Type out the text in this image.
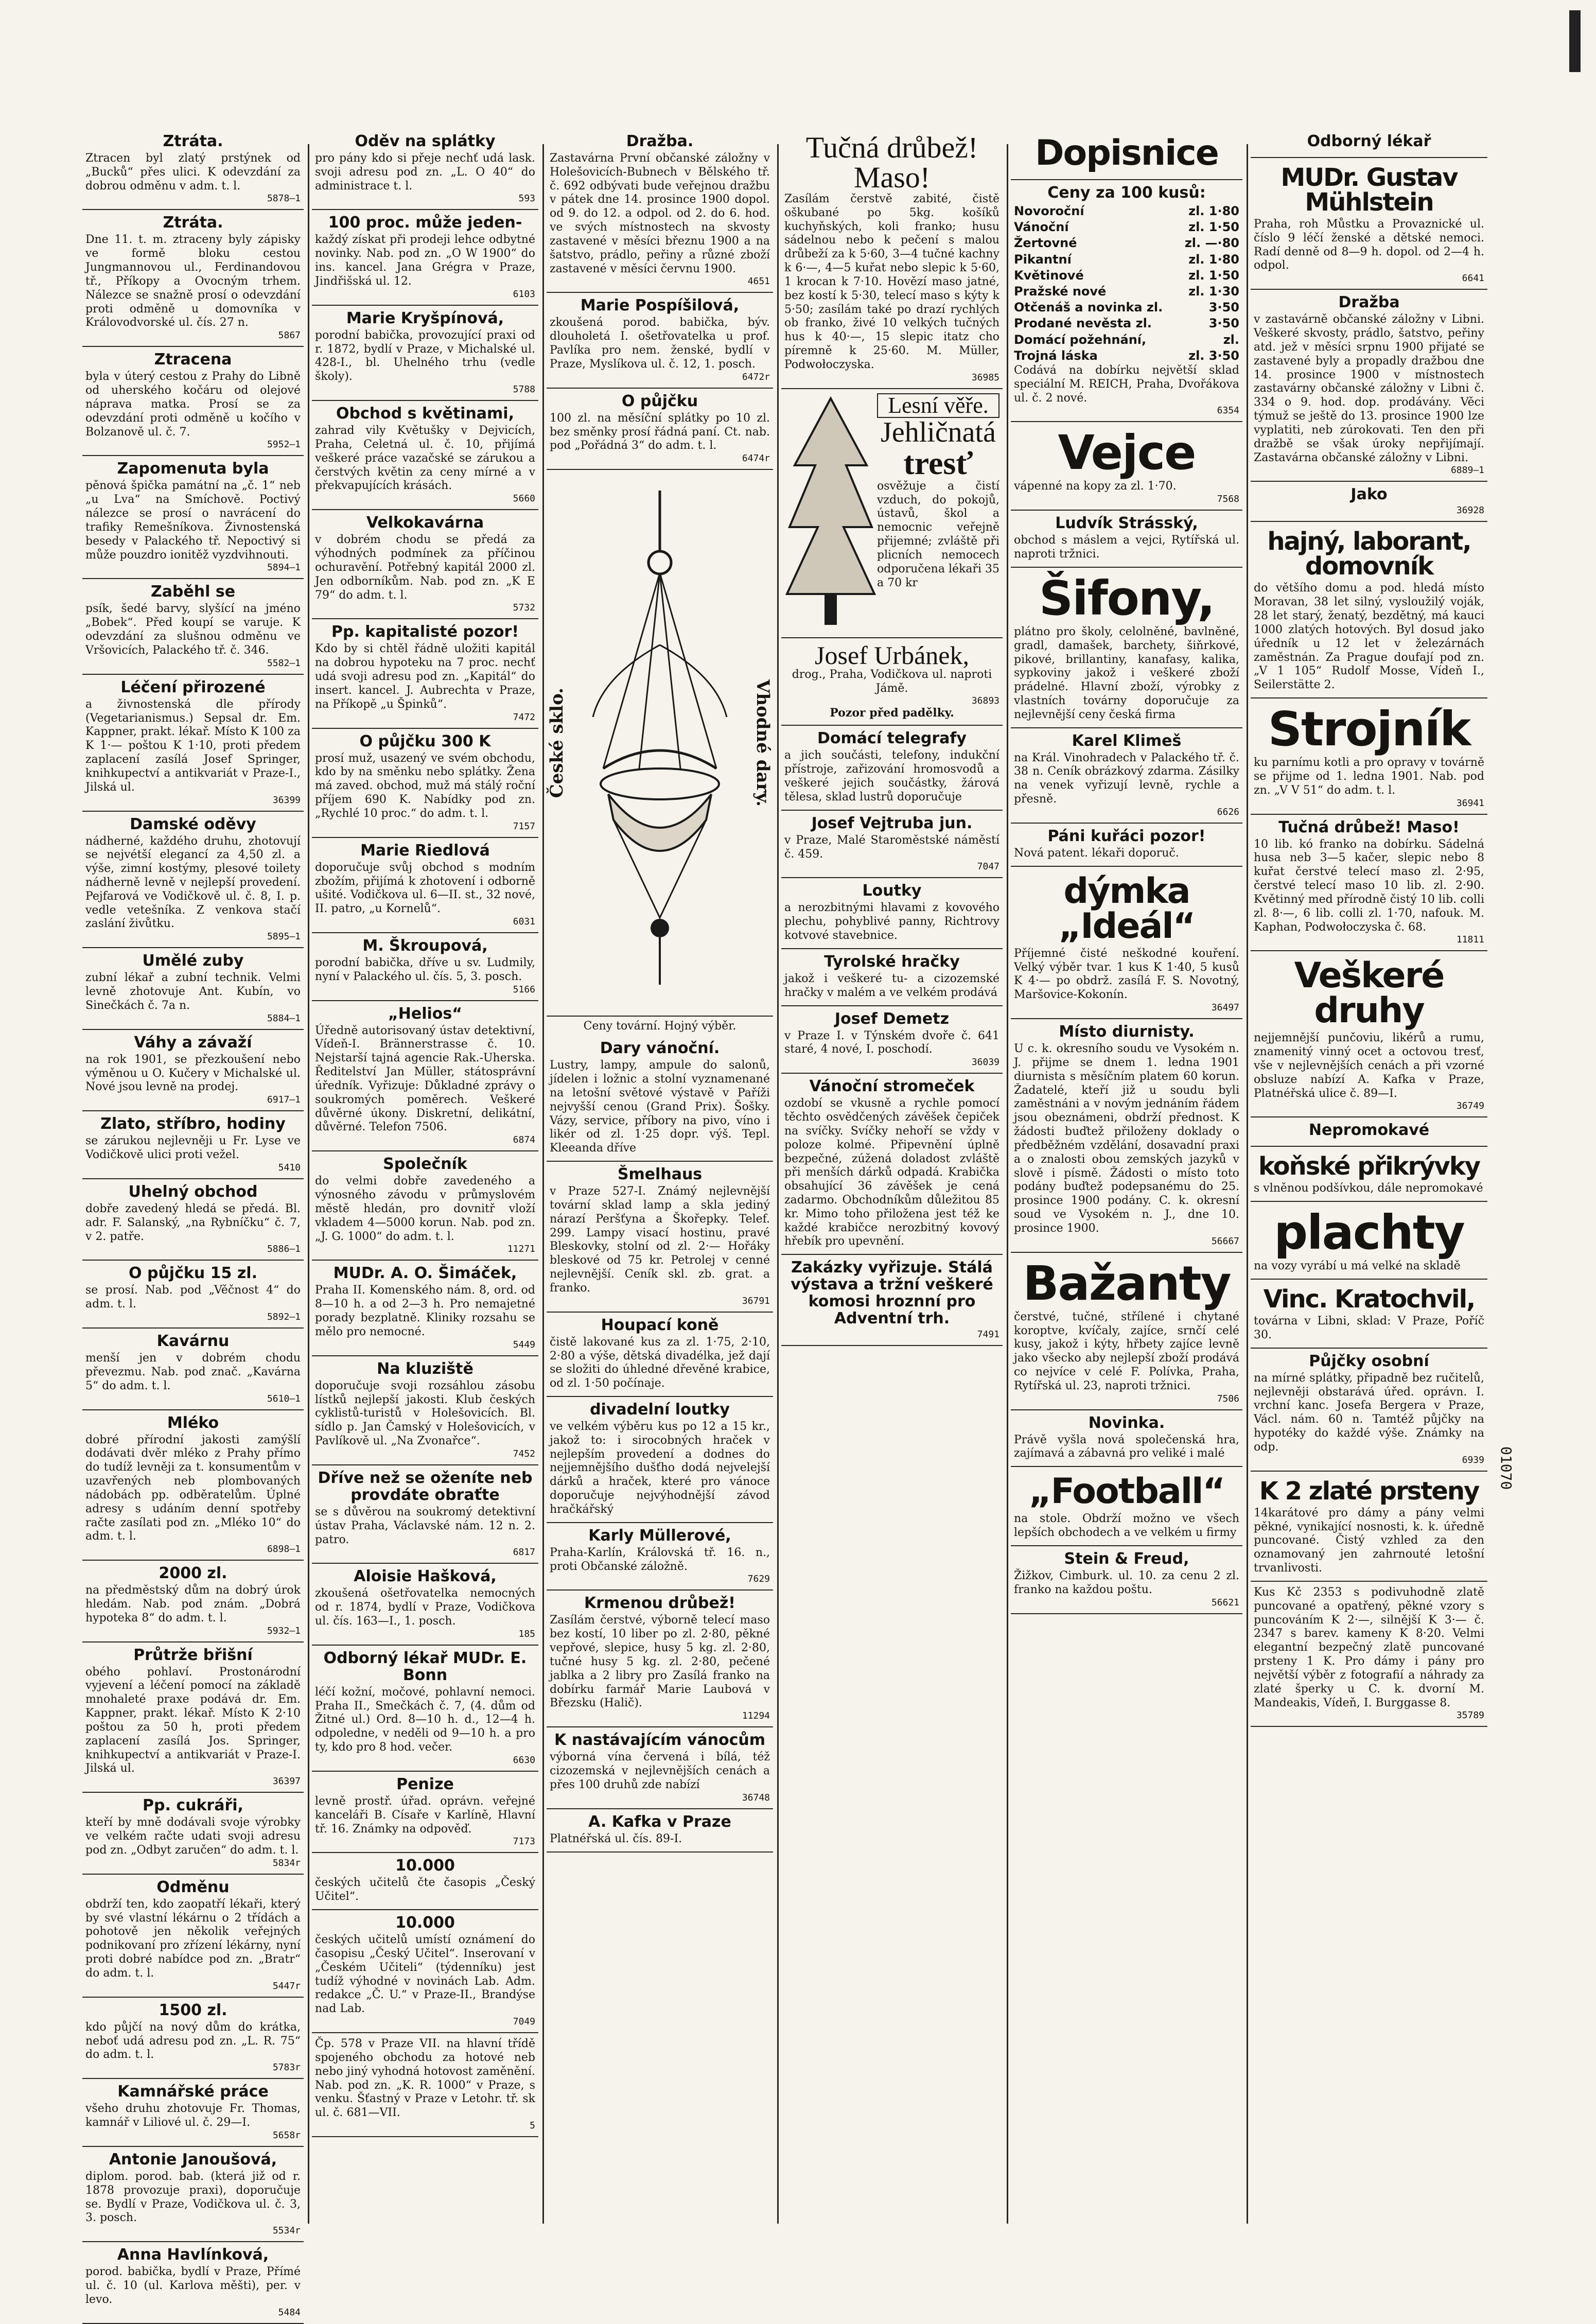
Ztráta.
Ztracen byl zlatý prstýnek od „Bucků“ přes ulici. K odevzdání za dobrou odměnu v adm. t. l.
5878—1
Ztráta.
Dne 11. t. m. ztraceny byly zápisky ve formě bloku cestou Jungmannovou ul., Ferdinandovou tř., Příkopy a Ovocným trhem. Nálezce se snažně prosí o odevzdání proti odměně u domovníka v Královodvorské ul. čís. 27 n.
5867
Ztracena
byla v úterý cestou z Prahy do Libně od uherského kočáru od olejové náprava matka. Prosí se za odevzdání proti odměně u kočího v Bolzanově ul. č. 7.
5952—1
Zapomenuta byla
pěnová špička památní na „č. 1“ neb „u Lva“ na Smíchově. Poctivý nálezce se prosí o navrácení do trafiky Remešníkova. Živnostenská besedy v Palackého tř. Nepoctivý si může pouzdro ionitěž vyzdvihnouti.
5894—1
Zaběhl se
psík, šedé barvy, slyšící na jméno „Bobek“. Před koupí se varuje. K odevzdání za slušnou odměnu ve Vršovicích, Palackého tř. č. 346.
5582—1
Léčení přirozené
a živnostenská dle přírody (Vegetarianismus.) Sepsal dr. Em. Kappner, prakt. lékař. Místo K 100 za K 1·— poštou K 1·10, proti předem zaplacení zasílá Josef Springer, knihkupectví a antikvariát v Praze-I., Jilská ul.
36399
Damské oděvy
nádherné, každého druhu, zhotovují se nejvétší elegancí za 4,50 zl. a výše, zimní kostýmy, plesové toilety nádherně levně v nejlepší provedení. Pejfarová ve Vodičkově ul. č. 8, I. p. vedle vetešníka. Z venkova stačí zaslání živůtku.
5895—1
Umělé zuby
zubní lékař a zubní technik. Velmi levně zhotovuje Ant. Kubín, vo Sinečkách č. 7a n.
5884—1
Váhy a závaží
na rok 1901, se přezkoušení nebo výměnou u O. Kučery v Michalské ul. Nové jsou levně na prodej.
6917—1
Zlato, stříbro, hodiny
se zárukou nejlevněji u Fr. Lyse ve Vodičkově ulici proti vežel.
5410
Uhelný obchod
dobře zavedený hledá se předá. Bl. adr. F. Salanský, „na Rybníčku“ č. 7, v 2. patře.
5886—1
O půjčku 15 zl.
se prosí. Nab. pod „Věčnost 4“ do adm. t. l.
5892—1
Kavárnu
menší jen v dobrém chodu převezmu. Nab. pod znač. „Kavárna 5“ do adm. t. l.
5610—1
Mléko
dobré přírodní jakosti zamýšlí dodávati dvěr mléko z Prahy přímo do tudíž levněji za t. konsumentům v uzavřených neb plombovaných nádobách pp. odběratelům. Úplné adresy s udáním denní spotřeby račte zasílati pod zn. „Mléko 10“ do adm. t. l.
6898—1
2000 zl.
na předměstský dům na dobrý úrok hledám. Nab. pod znám. „Dobrá hypoteka 8“ do adm. t. l.
5932—1
Průtrže břišní
obého pohlaví. Prostonárodní vyjevení a léčení pomocí na základě mnohaleté praxe podává dr. Em. Kappner, prakt. lékař. Místo K 2·10 poštou za 50 h, proti předem zaplacení zasílá Jos. Springer, knihkupectví a antikvariát v Praze-I. Jilská ul.
36397
Pp. cukráři,
kteří by mně dodávali svoje výrobky ve velkém račte udati svoji adresu pod zn. „Odbyt zaručen“ do adm. t. l.
5834r
Odměnu
obdrží ten, kdo zaopatří lékaři, který by své vlastní lékárnu o 2 třídách a pohotově jen několik veřejných podnikovaní pro zřízení lékárny, nyní proti dobré nabídce pod zn. „Bratr“ do adm. t. l.
5447r
1500 zl.
kdo půjčí na nový dům do krátka, neboť udá adresu pod zn. „L. R. 75“ do adm. t. l.
5783r
Kamnářské práce
všeho druhu zhotovuje Fr. Thomas, kamnář v Liliové ul. č. 29—I.
5658r
Antonie Janoušová,
diplom. porod. bab. (která již od r. 1878 provozuje praxi), doporučuje se. Bydlí v Praze, Vodičkova ul. č. 3, 3. posch.
5534r
Anna Havlínková,
porod. babička, bydlí v Praze, Přímé ul. č. 10 (ul. Karlova měšti), per. v levo.
5484
Oděv na splátky
pro pány kdo si přeje nechť udá lask. svoji adresu pod zn. „L. O 40“ do administrace t. l.
593
100 proc. může jeden-
každý získat při prodeji lehce odbytné novinky. Nab. pod zn. „O W 1900“ do ins. kancel. Jana Grégra v Praze, Jindřišská ul. 12.
6103
Marie Kryšpínová,
porodní babička, provozující praxi od r. 1872, bydlí v Praze, v Michalské ul. 428-I., bl. Uhelného trhu (vedle školy).
5788
Obchod s květinami,
zahrad vily Květušky v Dejvicích, Praha, Celetná ul. č. 10, přijímá veškeré práce vazačské se zárukou a čerstvých květin za ceny mírné a v překvapujících krásách.
5660
Velkokavárna
v dobrém chodu se předá za výhodných podmínek za příčinou ochuravění. Potřebný kapitál 2000 zl. Jen odborníkům. Nab. pod zn. „K E 79“ do adm. t. l.
5732
Pp. kapitalisté pozor!
Kdo by si chtěl řádně uložiti kapitál na dobrou hypoteku na 7 proc. nechť udá svoji adresu pod zn. „Kapitál“ do insert. kancel. J. Aubrechta v Praze, na Příkopě „u Špinků“.
7472
O půjčku 300 K
prosí muž, usazený ve svém obchodu, kdo by na směnku nebo splátky. Žena má zaved. obchod, muž má stálý roční příjem 690 K. Nabídky pod zn. „Rychlé 10 proc.“ do adm. t. l.
7157
Marie Riedlová
doporučuje svůj obchod s modním zbožím, přijímá k zhotovení i odborně ušité. Vodičkova ul. 6—II. st., 32 nové, II. patro, „u Kornelů“.
6031
M. Škroupová,
porodní babička, dříve u sv. Ludmily, nyní v Palackého ul. čís. 5, 3. posch.
5166
„Helios“
Úředně autorisovaný ústav detektivní, Vídeň-I. Brännerstrasse č. 10. Nejstarší tajná agencie Rak.-Uherska. Ředitelství Jan Müller, státosprávní úředník. Vyřizuje: Důkladné zprávy o soukromých poměrech. Veškeré důvěrné úkony. Diskretní, delikátní, důvěrné. Telefon 7506.
6874
Společník
do velmi dobře zavedeného a výnosného závodu v průmyslovém městě hledán, pro dovnitř vloží vkladem 4—5000 korun. Nab. pod zn. „J. G. 1000“ do adm. t. l.
11271
MUDr. A. O. Šimáček,
Praha II. Komenského nám. 8, ord. od 8—10 h. a od 2—3 h. Pro nemajetné porady bezplatně. Kliniky rozsahu se mělo pro nemocné.
5449
Na kluziště
doporučuje svoji rozsáhlou zásobu lístků nejlepší jakosti. Klub českých cyklistů-turistů v Holešovicích. Bl. sídlo p. Jan Čamský v Holešovicích, v Pavlíkově ul. „Na Zvonařce“.
7452
Dříve než se oženíte neb provdáte obraťte
se s důvěrou na soukromý detektivní ústav Praha, Václavské nám. 12 n. 2. patro.
6817
Aloisie Hašková,
zkoušená ošetřovatelka nemocných od r. 1874, bydlí v Praze, Vodičkova ul. čís. 163—I., 1. posch.
185
Odborný lékař MUDr. E. Bonn
léčí kožní, močové, pohlavní nemoci. Praha II., Smečkách č. 7, (4. dům od Žitné ul.) Ord. 8—10 h. d., 12—4 h. odpoledne, v neděli od 9—10 h. a pro ty, kdo pro 8 hod. večer.
6630
Penize
levně prostř. úřad. oprávn. veřejné kanceláři B. Císaře v Karlíně, Hlavní tř. 16. Známky na odpověď.
7173
10.000
českých učitelů čte časopis „Český Učitel“.
10.000
českých učitelů umístí oznámení do časopisu „Český Učitel“. Inserovaní v „Českém Učiteli“ (týdenníku) jest tudíž výhodné v novinách Lab. Adm. redakce „Č. U.“ v Praze-II., Brandýse nad Lab.
7049
Čp. 578 v Praze VII. na hlavní třídě spojeného obchodu za hotové neb nebo jiný vyhodná hotovost zaměnění. Nab. pod zn. „K. R. 1000“ v Praze, s venku. Šťastný v Praze v Letohr. tř. sk ul. č. 681—VII.
5
Dražba.
Zastavárna První občanské záložny v Holešovicích-Bubnech v Bělského tř. č. 692 odbývati bude veřejnou dražbu v pátek dne 14. prosince 1900 dopol. od 9. do 12. a odpol. od 2. do 6. hod. ve svých místnostech na skvosty zastavené v měsíci březnu 1900 a na šatstvo, prádlo, peřiny a různé zboží zastavené v měsíci červnu 1900.
4651
Marie Pospíšilová,
zkoušená porod. babička, býv. dlouholetá I. ošetřovatelka u prof. Pavlíka pro nem. ženské, bydlí v Praze, Myslíkova ul. č. 12, 1. posch.
6472r
O půjčku
100 zl. na měsíční splátky po 10 zl. bez směnky prosí řádná paní. Ct. nab. pod „Pořádná 3“ do adm. t. l.
6474r
České sklo.	Vhodné dary.
Ceny tovární. Hojný výběr.
Dary vánoční.
Lustry, lampy, ampule do salonů, jídelen i ložnic a stolní vyznamenané na letošní světové výstavě v Paříži nejvyšší cenou (Grand Prix). Šošky. Vázy, service, příbory na pivo, víno i likér od zl. 1·25 dopr. výš. Tepl. Kleeanda dříve
Šmelhaus
v Praze 527-I. Známý nejlevnější tovární sklad lamp a skla jediný nárazí Peršťyna a Škořepky. Telef. 299. Lampy visací hostinu, pravé Bleskovky, stolní od zl. 2·— Hořáky bleskové od 75 kr. Petrolej v cenné nejlevnější. Ceník skl. zb. grat. a franko.
36791
Houpací koně
čistě lakované kus za zl. 1·75, 2·10, 2·80 a výše, dětská divadélka, jež dají se složiti do úhledné dřevěné krabice, od zl. 1·50 počínaje.
divadelní loutky
ve velkém výběru kus po 12 a 15 kr., jakož to: i sirocobných hraček v nejlepším provedení a dodnes do nejjemnějšího dušťho dodá nejvelejší dárků a hraček, které pro vánoce doporučuje nejvýhodnější závod hračkářský
Karly Müllerové,
Praha-Karlín, Královská tř. 16. n., proti Občanské záložně.
7629
Krmenou drůbež!
Zasílám čerstvé, výborně telecí maso bez kostí, 10 liber po zl. 2·80, pěkné vepřové, slepice, husy 5 kg. zl. 2·80, tučné husy 5 kg. zl. 2·80, pečené jablka a 2 libry pro Zasílá franko na dobírku farmář Marie Laubová v Březsku (Halič).
11294
K nastávajícím vánocům
výborná vína červená i bílá, též cizozemská v nejlevnějších cenách a přes 100 druhů zde nabízí
36748
A. Kafka v Praze
Platnéřská ul. čís. 89-I.
Tučná drůbež! Maso!
Zasílám čerstvě zabité, čistě oškubané po 5kg. košíků kuchyňských, koli franko; husu sádelnou nebo k pečení s malou drůbeží za k 5·60, 3—4 tučné kachny k 6·—, 4—5 kuřat nebo slepic k 5·60, 1 krocan k 7·10. Hovězí maso jatné, bez kostí k 5·30, telecí maso s kýty k 5·50; zasílám také po drazí rychlých ob franko, živé 10 velkých tučných hus k 40·—, 15 slepic itatz cho píremně k 25·60. M. Müller, Podwołoczyska.
36985
Lesní věře.
Jehličnatá
tresť
osvěžuje a čistí vzduch, do pokojů, ústavů, škol a nemocnic veřejně přijemné; zvláště při plicních nemocech odporučena lékaři 35 a 70 kr
Josef Urbánek,
drog., Praha, Vodičkova ul. naproti Jámě.
36893
Pozor před padělky.
Domácí telegrafy
a jich součásti, telefony, indukční přístroje, zařizování hromosvodů a veškeré jejich součástky, žárová tělesa, sklad lustrů doporučuje
Josef Vejtruba jun.
v Praze, Malé Staroměstské náměstí č. 459.
7047
Loutky
a nerozbitnými hlavami z kovového plechu, pohyblivé panny, Richtrovy kotvové stavebnice.
Tyrolské hračky
jakož i veškeré tu- a cizozemské hračky v malém a ve velkém prodává
Josef Demetz
v Praze I. v Týnském dvoře č. 641 staré, 4 nové, I. poschodí.
36039
Vánoční stromeček
ozdobí se vkusně a rychle pomocí těchto osvědčených závěšek čepiček na svíčky. Svíčky nehoří se vždy v poloze kolmé. Připevnění úplně bezpečné, zúžená doladost zvláště při menších dárků odpadá. Krabička obsahující 36 závěšek je cená zadarmo. Obchodníkům důležitou 85 kr. Mimo toho přiložena jest též ke každé krabičce nerozbitný kovový hřebík pro upevnění.
Zakázky vyřizuje. Stálá výstava a tržní veškeré komosi hroznní pro Adventní trh.
7491
Dopisnice
Ceny za 100 kusů:
Novoroční	zl. 1·80
Vánoční	zl. 1·50
Žertovné	zl. —·80
Pikantní	zl. 1·80
Květinové	zl. 1·50
Pražské nové	zl. 1·30
Otčenáš a novinka zl.	3·50
Prodané nevěsta zl.	3·50
Domácí požehnání,	zl.
Trojná láska	zl. 3·50
Codává na dobírku největší sklad speciální M. REICH, Praha, Dvořákova ul. č. 2 nové.
6354
Vejce
vápenné na kopy za zl. 1·70.
7568
Ludvík Strásský,
obchod s máslem a vejci, Rytířská ul. naproti tržnici.
Šifony,
plátno pro školy, celolněné, bavlněné, gradl, damašek, barchety, šiňrkové, pikové, brillantiny, kanafasy, kalika, sypkoviny jakož i veškeré zboží prádelné. Hlavní zboží, výrobky z vlastních továrny doporučuje za nejlevnější ceny česká firma
Karel Klimeš
na Král. Vinohradech v Palackého tř. č. 38 n. Ceník obrázkový zdarma. Zásilky na venek vyřizují levně, rychle a přesně.
6626
Páni kuřáci pozor!
Nová patent. lékaři doporuč.
dýmka „Ideál“
Příjemné čisté neškodné kouření. Velký výběr tvar. 1 kus K 1·40, 5 kusů K 4·— po obdrž. zasílá F. S. Novotný, Maršovice-Kokonín.
36497
Místo diurnisty.
U c. k. okresního soudu ve Vysokém n. J. přijme se dnem 1. ledna 1901 diurnista s měsíčním platem 60 korun. Žadatelé, kteří již u soudu byli zaměstnáni a v novým jednáním řádem jsou obeznámeni, obdrží přednost. K žádosti buďtež přiloženy doklady o předběžném vzdělání, dosavadní praxi a o znalosti obou zemských jazyků v slově i písmě. Žádosti o místo toto podány buďtež podepsanému do 25. prosince 1900 podány. C. k. okresní soud ve Vysokém n. J., dne 10. prosince 1900.
56667
Bažanty
čerstvé, tučné, střílené i chytané koroptve, kvíčaly, zajíce, srnčí celé kusy, jakož i kýty, hřbety zajíce levně jako všecko aby nejlepší zboží prodává co nejvíce v celé F. Polívka, Praha, Rytířská ul. 23, naproti tržnici.
7506
Novinka.
Právě vyšla nová společenská hra, zajímavá a zábavná pro veliké i malé
„Football“
na stole. Obdrží možno ve všech lepších obchodech a ve velkém u firmy
Stein & Freud,
Žižkov, Cimburk. ul. 10. za cenu 2 zl. franko na každou poštu.
56621
Odborný lékař
MUDr. Gustav Mühlstein
Praha, roh Můstku a Provaznické ul. číslo 9 léčí ženské a dětské nemoci. Radí denně od 8—9 h. dopol. od 2—4 h. odpol.
6641
Dražba
v zastavárně občanské záložny v Libni. Veškeré skvosty, prádlo, šatstvo, peřiny atd. jež v měsíci srpnu 1900 přijaté se zastavené byly a propadly dražbou dne 14. prosince 1900 v místnostech zastavárny občanské záložny v Libni č. 334 o 9. hod. dop. prodávány. Věci týmuž se ještě do 13. prosince 1900 lze vyplatiti, neb zúrokovati. Ten den při dražbě se však úroky nepřijímají. Zastavárna občanské záložny v Libni.
6889—1
Jako
36928
hajný, laborant, domovník
do většího domu a pod. hledá místo Moravan, 38 let silný, vysloužilý voják, 28 let starý, ženatý, bezdětný, má kauci 1000 zlatých hotových. Byl dosud jako úředník u 12 let v železárnách zaměstnán. Za Prague doufají pod zn. „V 1 105“ Rudolf Mosse, Vídeň I., Seilerstätte 2.
Strojník
ku parnímu kotli a pro opravy v továrně se přijme od 1. ledna 1901. Nab. pod zn. „V V 51“ do adm. t. l.
36941
Tučná drůbež! Maso!
10 lib. kó franko na dobírku. Sádelná husa neb 3—5 kačer, slepic nebo 8 kuřat čerstvé telecí maso zl. 2·95, čerstvé telecí maso 10 lib. zl. 2·90. Květinný med přírodně čistý 10 lib. colli zl. 8·—, 6 lib. colli zl. 1·70, nafouk. M. Kaphan, Podwołoczyska č. 68.
11811
Veškeré druhy
nejjemnější punčoviu, likérů a rumu, znamenitý vinný ocet a octovou tresť, vše v nejlevnějších cenách a při vzorné obsluze nabízí A. Kafka v Praze, Platnéřská ulice č. 89—I.
36749
Nepromokavé
koňské přikrývky
s vlněnou podšívkou, dále nepromokavé
plachty
na vozy vyrábí u má velké na skladě
Vinc. Kratochvil,
továrna v Libni, sklad: V Praze, Poříč 30.
Půjčky osobní
na mírné splátky, připadně bez ručitelů, nejlevněji obstarává úřed. oprávn. I. vrchní kanc. Josefa Bergera v Praze, Václ. nám. 60 n. Tamtéž půjčky na hypotéky do každé výše. Známky na odp.
6939
K 2 zlaté prsteny
14karátové pro dámy a pány velmi pěkné, vynikající nosnosti, k. k. úředně puncované. Čistý vzhled za den oznamovaný jen zahrnouté letošní trvanlivosti.
Kus Kč 2353 s podivuhodně zlatě puncované a opatřený, pěkné vzory s puncováním K 2·—, silnější K 3·— č. 2347 s barev. kameny K 8·20. Velmi elegantní bezpečný zlatě puncované prsteny 1 K. Pro dámy i pány pro největší výběr z fotografií a náhrady za zlaté šperky u C. k. dvorní M. Mandeakis, Vídeň, I. Burggasse 8.
35789
01070
